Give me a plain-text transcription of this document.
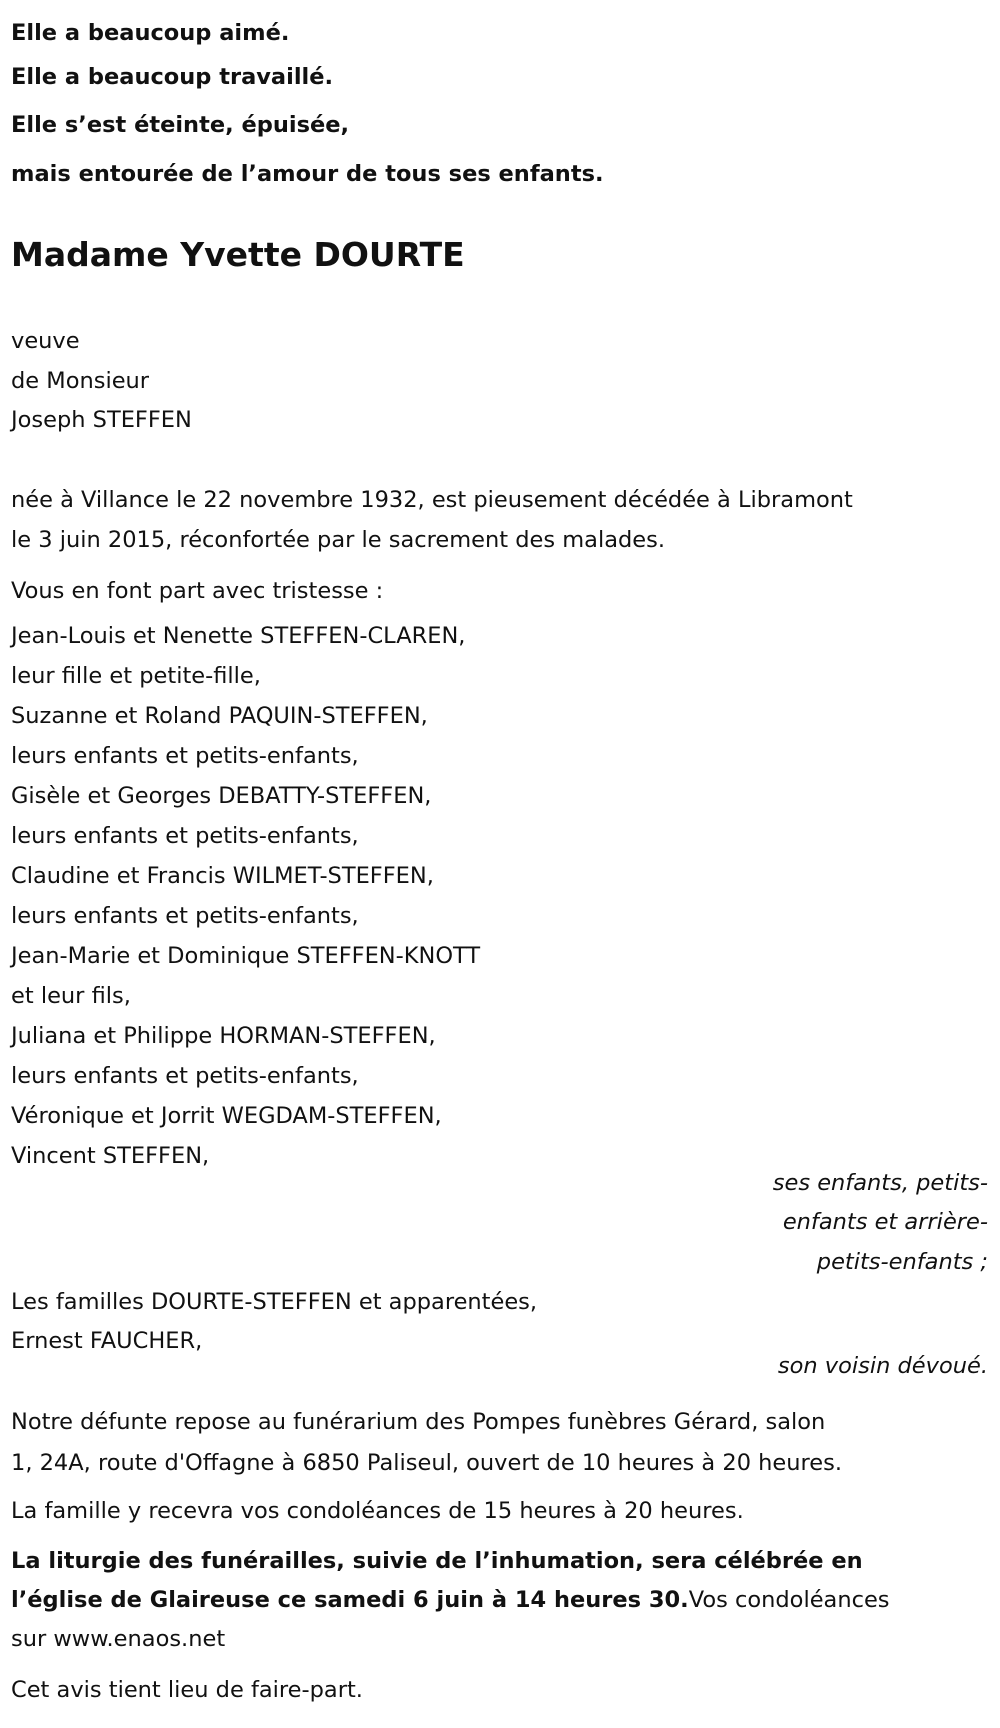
Elle a beaucoup aimé.
Elle a beaucoup travaillé.
Elle s’est éteinte, épuisée,
mais entourée de l’amour de tous ses enfants.
Madame Yvette DOURTE
veuve
de Monsieur
Joseph STEFFEN
née à Villance le 22 novembre 1932, est pieusement décédée à Libramont
le 3 juin 2015, réconfortée par le sacrement des malades.
Vous en font part avec tristesse :
Jean-Louis et Nenette STEFFEN-CLAREN,
leur fille et petite-fille,
Suzanne et Roland PAQUIN-STEFFEN,
leurs enfants et petits-enfants,
Gisèle et Georges DEBATTY-STEFFEN,
leurs enfants et petits-enfants,
Claudine et Francis WILMET-STEFFEN,
leurs enfants et petits-enfants,
Jean-Marie et Dominique STEFFEN-KNOTT
et leur fils,
Juliana et Philippe HORMAN-STEFFEN,
leurs enfants et petits-enfants,
Véronique et Jorrit WEGDAM-STEFFEN,
Vincent STEFFEN,
ses enfants, petits-
enfants et arrière-
petits-enfants ;
Les familles DOURTE-STEFFEN et apparentées,
Ernest FAUCHER,
son voisin dévoué.
Notre défunte repose au funérarium des Pompes funèbres Gérard, salon
1, 24A, route d'Offagne à 6850 Paliseul, ouvert de 10 heures à 20 heures.
La famille y recevra vos condoléances de 15 heures à 20 heures.
La liturgie des funérailles, suivie de l’inhumation, sera célébrée en
l’église de Glaireuse ce samedi 6 juin à 14 heures 30.Vos condoléances
sur www.enaos.net
Cet avis tient lieu de faire-part.
